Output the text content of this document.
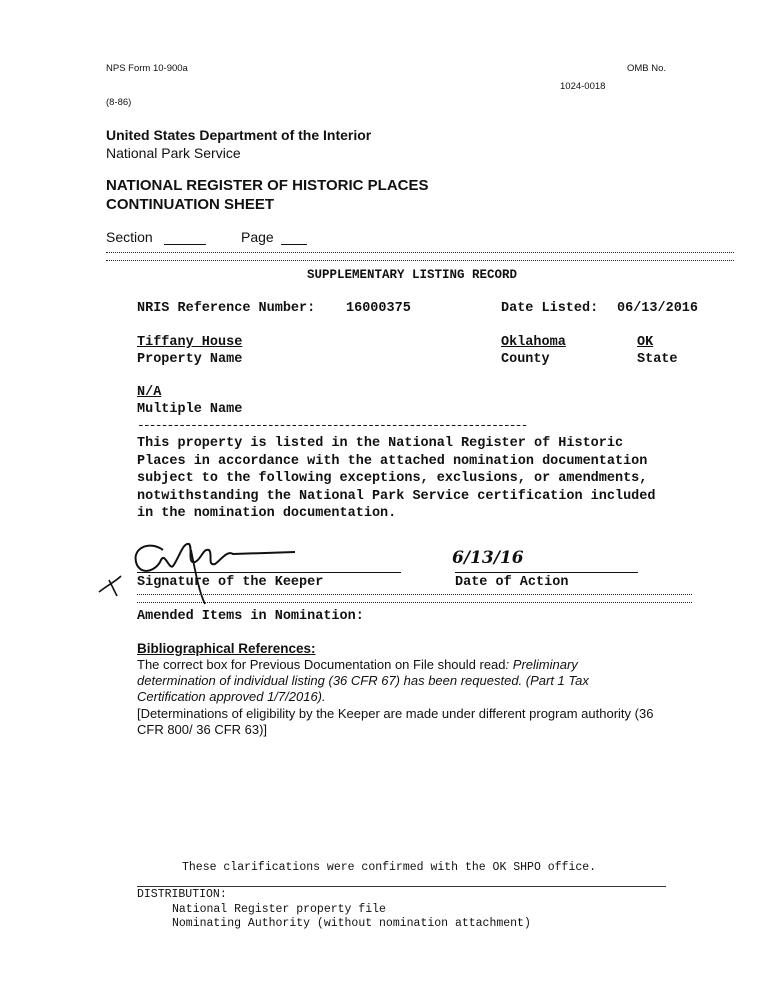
NPS Form 10-900a	OMB No.
1024-0018
(8-86)
United States Department of the Interior
National Park Service
NATIONAL REGISTER OF HISTORIC PLACES
CONTINUATION SHEET
Section	Page
SUPPLEMENTARY LISTING RECORD
NRIS Reference Number: 16000375	Date Listed: 06/13/2016
Tiffany House
Property Name
Oklahoma
County
OK
State
N/A
Multiple Name
------------------------------------------------------------------
This property is listed in the National Register of Historic
Places in accordance with the attached nomination documentation
subject to the following exceptions, exclusions, or amendments,
notwithstanding the National Park Service certification included
in the nomination documentation.
Signature of the Keeper
6/13/16
Date of Action
Amended Items in Nomination:
Bibliographical References:
The correct box for Previous Documentation on File should read: Preliminary
determination of individual listing (36 CFR 67) has been requested. (Part 1 Tax
Certification approved 1/7/2016).
[Determinations of eligibility by the Keeper are made under different program authority (36
CFR 800/ 36 CFR 63)]
These clarifications were confirmed with the OK SHPO office.
DISTRIBUTION:
National Register property file
Nominating Authority (without nomination attachment)
